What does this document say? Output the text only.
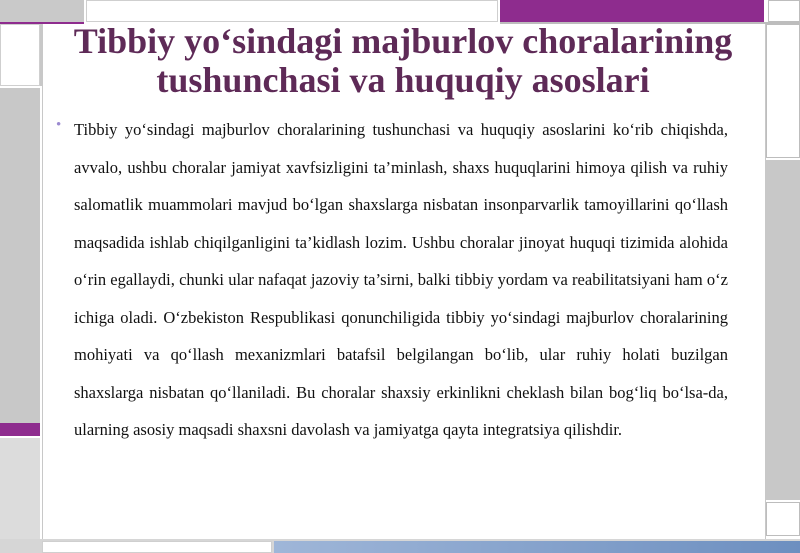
Tibbiy yo‘sindagi majburlov choralarining tushunchasi va huquqiy asoslari
• Tibbiy yo‘sindagi majburlov choralarining tushunchasi va huquqiy asoslarini ko‘rib chiqishda, avvalo, ushbu choralar jamiyat xavfsizligini ta’minlash, shaxs huquqlarini himoya qilish va ruhiy salomatlik muammolari mavjud bo‘lgan shaxslarga nisbatan insonparvarlik tamoyillarini qo‘llash maqsadida ishlab chiqilganligini ta’kidlash lozim. Ushbu choralar jinoyat huquqi tizimida alohida o‘rin egallaydi, chunki ular nafaqat jazoviy ta’sirni, balki tibbiy yordam va reabilitatsiyani ham o‘z ichiga oladi. O‘zbekiston Respublikasi qonunchiligida tibbiy yo‘sindagi majburlov choralarining mohiyati va qo‘llash mexanizmlari batafsil belgilangan bo‘lib, ular ruhiy holati buzilgan shaxslarga nisbatan qo‘llaniladi. Bu choralar shaxsiy erkinlikni cheklash bilan bog‘liq bo‘lsa-da, ularning asosiy maqsadi shaxsni davolash va jamiyatga qayta integratsiya qilishdir.
